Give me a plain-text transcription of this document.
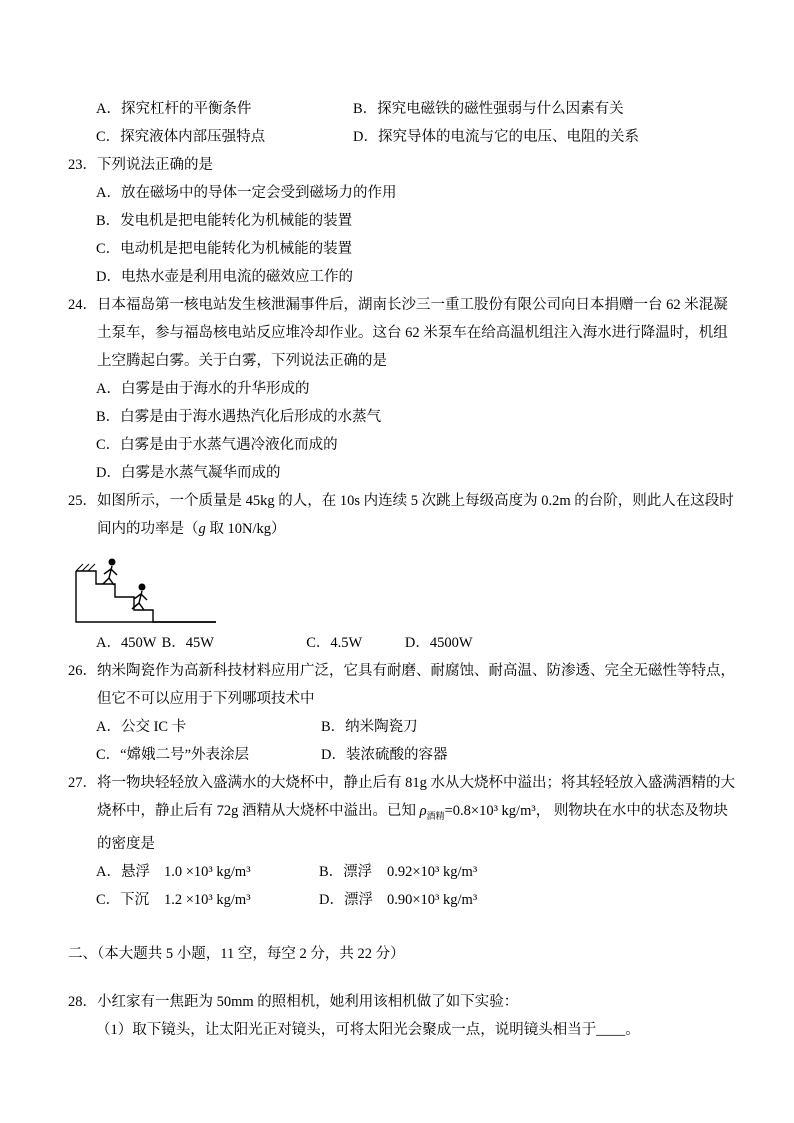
A．探究杠杆的平衡条件	B．探究电磁铁的磁性强弱与什么因素有关
C．探究液体内部压强特点	D．探究导体的电流与它的电压、电阻的关系
23． 下列说法正确的是
A．放在磁场中的导体一定会受到磁场力的作用
B．发电机是把电能转化为机械能的装置
C．电动机是把电能转化为机械能的装置
D．电热水壶是利用电流的磁效应工作的
24． 日本福岛第一核电站发生核泄漏事件后，湖南长沙三一重工股份有限公司向日本捐赠一台 62 米混凝土泵车，参与福岛核电站反应堆冷却作业。这台 62 米泵车在给高温机组注入海水进行降温时，机组上空腾起白雾。关于白雾，下列说法正确的是
A．白雾是由于海水的升华形成的
B．白雾是由于海水遇热汽化后形成的水蒸气
C．白雾是由于水蒸气遇冷液化而成的
D．白雾是水蒸气凝华而成的
25． 如图所示，一个质量是 45kg 的人，在 10s 内连续 5 次跳上每级高度为 0.2m 的台阶，则此人在这段时间内的功率是（g 取 10N/kg）
A．450W B．45W	C．4.5W	D．4500W
26． 纳米陶瓷作为高新科技材料应用广泛，它具有耐磨、耐腐蚀、耐高温、防渗透、完全无磁性等特点，但它不可以应用于下列哪项技术中
A．公交 IC 卡	B．纳米陶瓷刀
C．“嫦娥二号”外表涂层	D．装浓硫酸的容器
27． 将一物块轻轻放入盛满水的大烧杯中，静止后有 81g 水从大烧杯中溢出；将其轻轻放入盛满酒精的大烧杯中，静止后有 72g 酒精从大烧杯中溢出。已知 $\rho_{酒精}=0.8\times 10^3$ kg/m³， 则物块在水中的状态及物块的密度是
A．悬浮 1.0 ×10³ kg/m³	B．漂浮 0.92×10³ kg/m³
C．下沉 1.2 ×10³ kg/m³	D．漂浮 0.90×10³ kg/m³
二、（本大题共 5 小题，11 空，每空 2 分，共 22 分）
28． 小红家有一焦距为 50mm 的照相机，她利用该相机做了如下实验：
（1）取下镜头，让太阳光正对镜头，可将太阳光会聚成一点，说明镜头相当于____。
